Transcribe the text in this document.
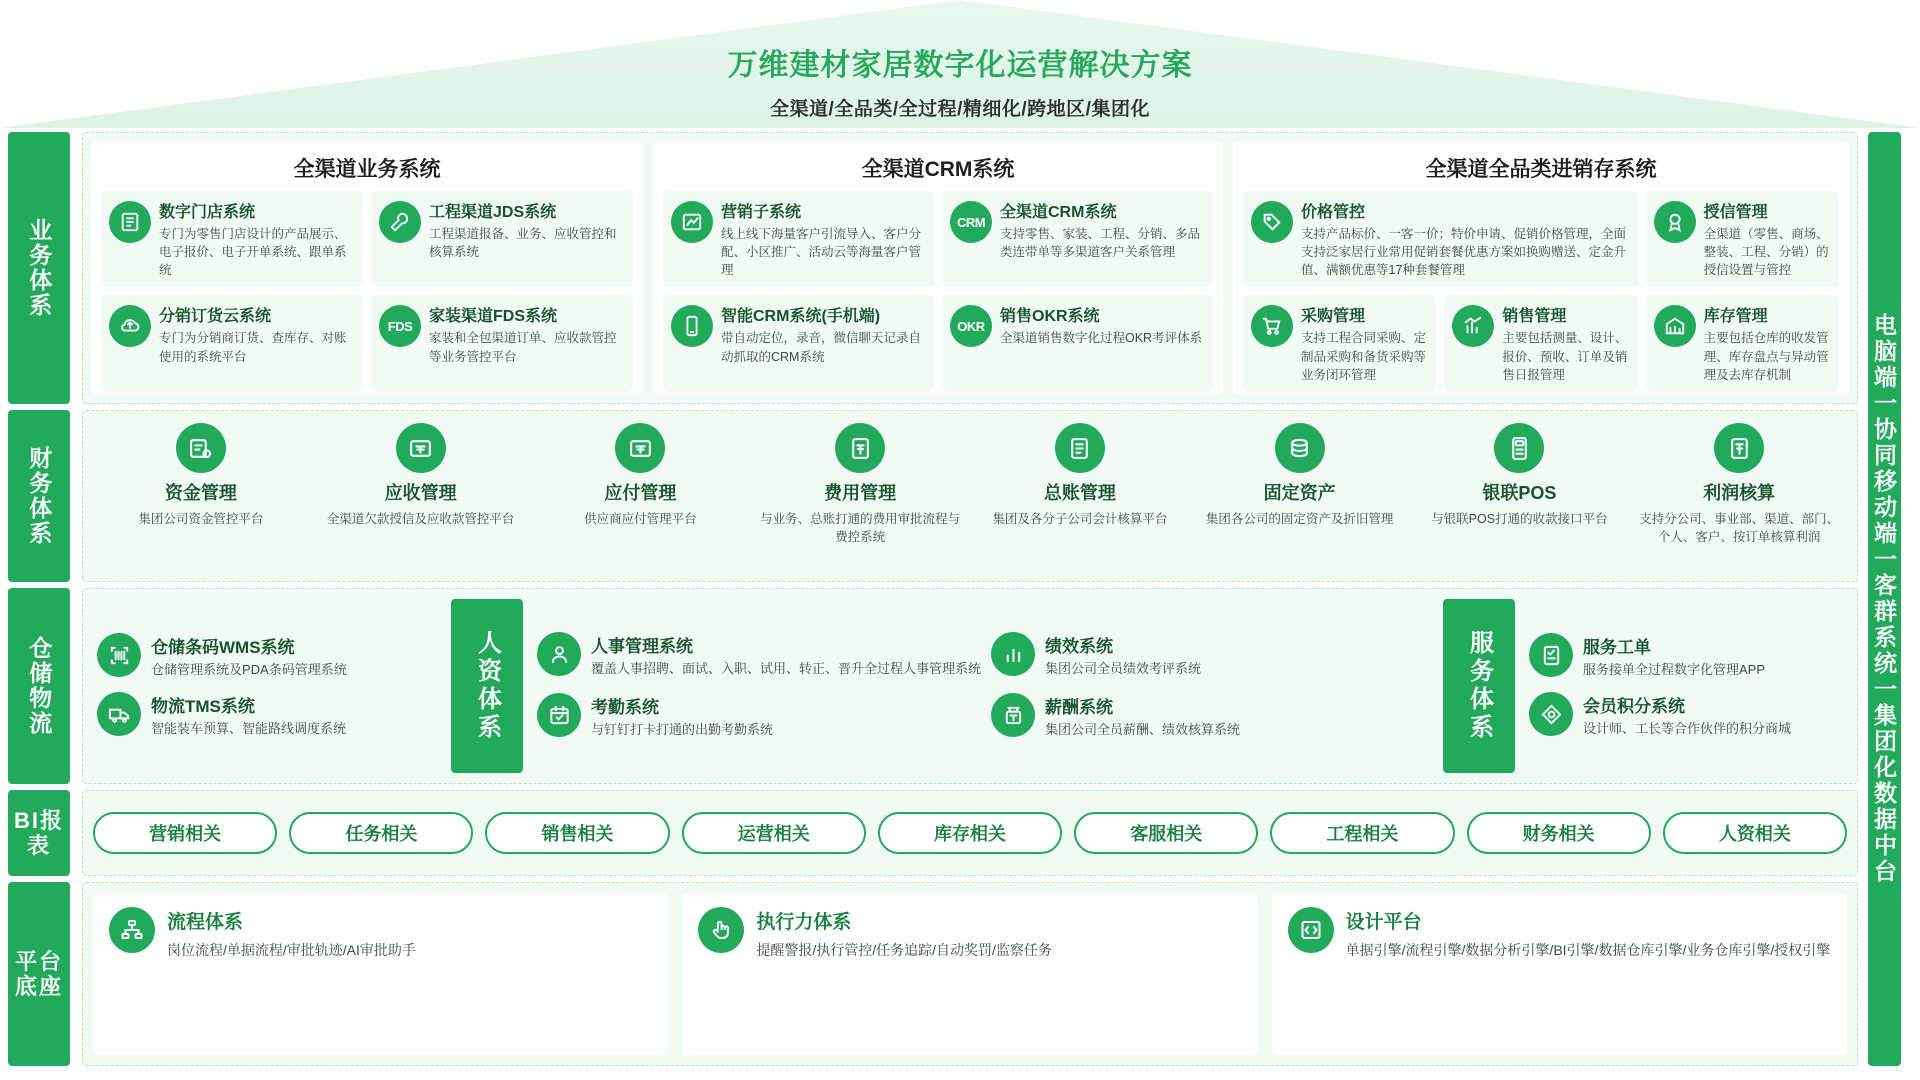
万维建材家居数字化运营解决方案
全渠道/全品类/全过程/精细化/跨地区/集团化
业务体系
财务体系
仓储物流
BI报表
平台底座
全渠道业务系统
数字门店系统
专门为零售门店设计的产品展示、电子报价、电子开单系统、跟单系统
工程渠道JDS系统
工程渠道报备、业务、应收管控和核算系统
分销订货云系统
专门为分销商订货、查库存、对账使用的系统平台
FDS
家装渠道FDS系统
家装和全包渠道订单、应收款管控等业务管控平台
全渠道CRM系统
营销子系统
线上线下海量客户引流导入、客户分配、小区推广、活动云等海量客户管理
CRM
全渠道CRM系统
支持零售、家装、工程、分销、多品类连带单等多渠道客户关系管理
智能CRM系统(手机端)
带自动定位，录音，微信聊天记录自动抓取的CRM系统
OKR
销售OKR系统
全渠道销售数字化过程OKR考评体系
全渠道全品类进销存系统
价格管控
支持产品标价、一客一价；特价申请、促销价格管理，全面支持泛家居行业常用促销套餐优惠方案如换购赠送、定金升值、满额优惠等17种套餐管理
授信管理
全渠道（零售、商场、整装、工程、分销）的授信设置与管控
采购管理
支持工程合同采购、定制品采购和备货采购等业务闭环管理
销售管理
主要包括测量、设计、报价、预收、订单及销售日报管理
库存管理
主要包括仓库的收发管理、库存盘点与异动管理及去库存机制
资金管理
集团公司资金管控平台
应收管理
全渠道欠款授信及应收款管控平台
应付管理
供应商应付管理平台
费用管理
与业务、总账打通的费用审批流程与费控系统
总账管理
集团及各分子公司会计核算平台
固定资产
集团各公司的固定资产及折旧管理
银联POS
与银联POS打通的收款接口平台
利润核算
支持分公司、事业部、渠道、部门、个人、客户、按订单核算利润
仓储条码WMS系统
仓储管理系统及PDA条码管理系统
物流TMS系统
智能装车预算、智能路线调度系统	人资体系	人事管理系统
覆盖人事招聘、面试、入职、试用、转正、晋升全过程人事管理系统
考勤系统
与钉钉打卡打通的出勤考勤系统
绩效系统
集团公司全员绩效考评系统
薪酬系统
集团公司全员薪酬、绩效核算系统	服务体系	服务工单
服务接单全过程数字化管理APP
会员积分系统
设计师、工长等合作伙伴的积分商城
营销相关	任务相关	销售相关	运营相关	库存相关	客服相关	工程相关	财务相关	人资相关
流程体系
岗位流程/单据流程/审批轨迹/AI审批助手
执行力体系
提醒警报/执行管控/任务追踪/自动奖罚/监察任务
设计平台
单据引擎/流程引擎/数据分析引擎/BI引擎/数据仓库引擎/业务仓库引擎/授权引擎
电脑端一协同移动端一客群系统一集团化数据中台
